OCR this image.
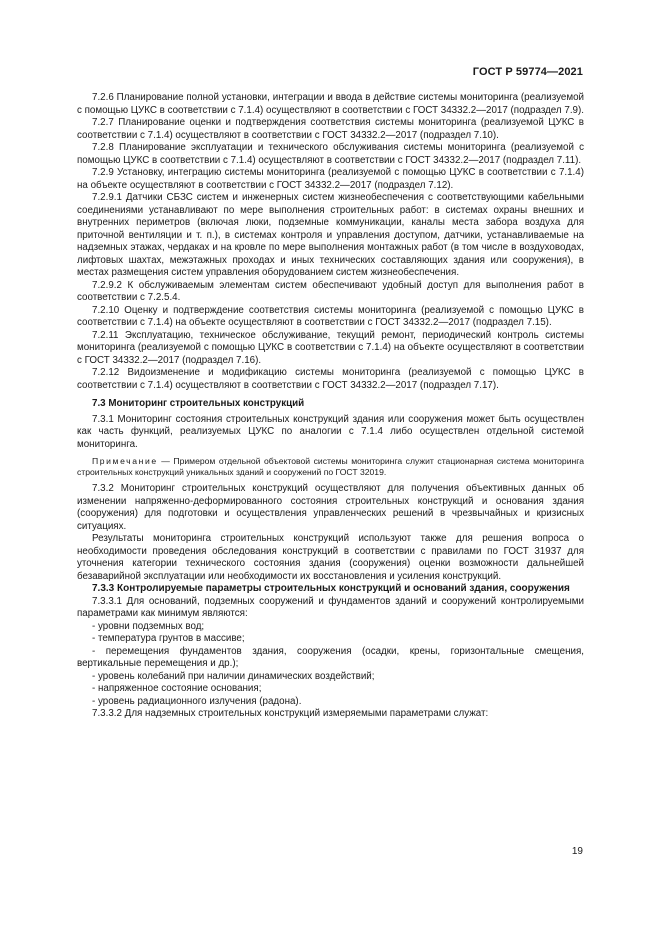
ГОСТ Р 59774—2021

7.2.6 Планирование полной установки, интеграции и ввода в действие системы мониторинга (реализуемой с помощью ЦУКС в соответствии с 7.1.4) осуществляют в соответствии с ГОСТ 34332.2—2017 (подраздел 7.9).

7.2.7 Планирование оценки и подтверждения соответствия системы мониторинга (реализуемой ЦУКС в соответствии с 7.1.4) осуществляют в соответствии с ГОСТ 34332.2—2017 (подраздел 7.10).

7.2.8 Планирование эксплуатации и технического обслуживания системы мониторинга (реализуемой с помощью ЦУКС в соответствии с 7.1.4) осуществляют в соответствии с ГОСТ 34332.2—2017 (подраздел 7.11).

7.2.9 Установку, интеграцию системы мониторинга (реализуемой с помощью ЦУКС в соответствии с 7.1.4) на объекте осуществляют в соответствии с ГОСТ 34332.2—2017 (подраздел 7.12).

7.2.9.1 Датчики СБЗС систем и инженерных систем жизнеобеспечения с соответствующими кабельными соединениями устанавливают по мере выполнения строительных работ: в системах охраны внешних и внутренних периметров (включая люки, подземные коммуникации, каналы места забора воздуха для приточной вентиляции и т. п.), в системах контроля и управления доступом, датчики, устанавливаемые на надземных этажах, чердаках и на кровле по мере выполнения монтажных работ (в том числе в воздуховодах, лифтовых шахтах, межэтажных проходах и иных технических составляющих здания или сооружения), в местах размещения систем управления оборудованием систем жизнеобеспечения.

7.2.9.2 К обслуживаемым элементам систем обеспечивают удобный доступ для выполнения работ в соответствии с 7.2.5.4.

7.2.10 Оценку и подтверждение соответствия системы мониторинга (реализуемой с помощью ЦУКС в соответствии с 7.1.4) на объекте осуществляют в соответствии с ГОСТ 34332.2—2017 (подраздел 7.15).

7.2.11 Эксплуатацию, техническое обслуживание, текущий ремонт, периодический контроль системы мониторинга (реализуемой с помощью ЦУКС в соответствии с 7.1.4) на объекте осуществляют в соответствии с ГОСТ 34332.2—2017 (подраздел 7.16).

7.2.12 Видоизменение и модификацию системы мониторинга (реализуемой с помощью ЦУКС в соответствии с 7.1.4) осуществляют в соответствии с ГОСТ 34332.2—2017 (подраздел 7.17).

7.3 Мониторинг строительных конструкций

7.3.1 Мониторинг состояния строительных конструкций здания или сооружения может быть осуществлен как часть функций, реализуемых ЦУКС по аналогии с 7.1.4 либо осуществлен отдельной системой мониторинга.

Примечание — Примером отдельной объектовой системы мониторинга служит стационарная система мониторинга строительных конструкций уникальных зданий и сооружений по ГОСТ 32019.

7.3.2 Мониторинг строительных конструкций осуществляют для получения объективных данных об изменении напряженно-деформированного состояния строительных конструкций и основания здания (сооружения) для подготовки и осуществления управленческих решений в чрезвычайных и кризисных ситуациях.

Результаты мониторинга строительных конструкций используют также для решения вопроса о необходимости проведения обследования конструкций в соответствии с правилами по ГОСТ 31937 для уточнения категории технического состояния здания (сооружения) оценки возможности дальнейшей безаварийной эксплуатации или необходимости их восстановления и усиления конструкций.

7.3.3 Контролируемые параметры строительных конструкций и оснований здания, сооружения

7.3.3.1 Для оснований, подземных сооружений и фундаментов зданий и сооружений контролируемыми параметрами как минимум являются:

- уровни подземных вод;
- температура грунтов в массиве;
- перемещения фундаментов здания, сооружения (осадки, крены, горизонтальные смещения, вертикальные перемещения и др.);
- уровень колебаний при наличии динамических воздействий;
- напряженное состояние основания;
- уровень радиационного излучения (радона).

7.3.3.2 Для надземных строительных конструкций измеряемыми параметрами служат:

19
